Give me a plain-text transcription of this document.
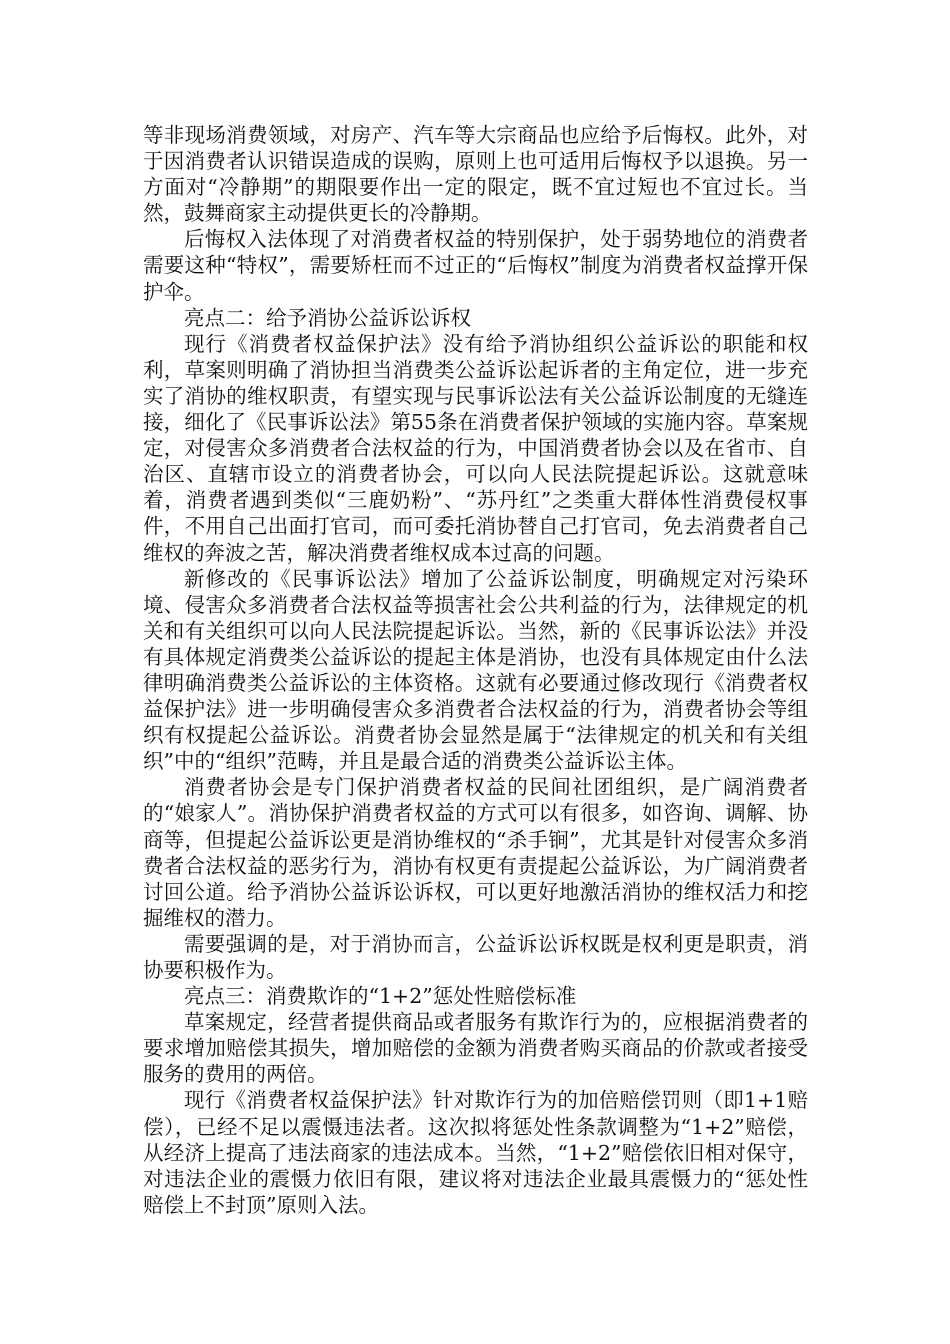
等非现场消费领域，对房产、汽车等大宗商品也应给予后悔权。此外，对于因消费者认识错误造成的误购，原则上也可适用后悔权予以退换。另一方面对“冷静期”的期限要作出一定的限定，既不宜过短也不宜过长。当然，鼓舞商家主动提供更长的冷静期。

后悔权入法体现了对消费者权益的特别保护，处于弱势地位的消费者需要这种“特权”，需要矫枉而不过正的“后悔权”制度为消费者权益撑开保护伞。

亮点二：给予消协公益诉讼诉权

现行《消费者权益保护法》没有给予消协组织公益诉讼的职能和权利，草案则明确了消协担当消费类公益诉讼起诉者的主角定位，进一步充实了消协的维权职责，有望实现与民事诉讼法有关公益诉讼制度的无缝连接，细化了《民事诉讼法》第55条在消费者保护领域的实施内容。草案规定，对侵害众多消费者合法权益的行为，中国消费者协会以及在省市、自治区、直辖市设立的消费者协会，可以向人民法院提起诉讼。这就意味着，消费者遇到类似“三鹿奶粉”、“苏丹红”之类重大群体性消费侵权事件，不用自己出面打官司，而可委托消协替自己打官司，免去消费者自己维权的奔波之苦，解决消费者维权成本过高的问题。

新修改的《民事诉讼法》增加了公益诉讼制度，明确规定对污染环境、侵害众多消费者合法权益等损害社会公共利益的行为，法律规定的机关和有关组织可以向人民法院提起诉讼。当然，新的《民事诉讼法》并没有具体规定消费类公益诉讼的提起主体是消协，也没有具体规定由什么法律明确消费类公益诉讼的主体资格。这就有必要通过修改现行《消费者权益保护法》进一步明确侵害众多消费者合法权益的行为，消费者协会等组织有权提起公益诉讼。消费者协会显然是属于“法律规定的机关和有关组织”中的“组织”范畴，并且是最合适的消费类公益诉讼主体。

消费者协会是专门保护消费者权益的民间社团组织，是广阔消费者的“娘家人”。消协保护消费者权益的方式可以有很多，如咨询、调解、协商等，但提起公益诉讼更是消协维权的“杀手锏”，尤其是针对侵害众多消费者合法权益的恶劣行为，消协有权更有责提起公益诉讼，为广阔消费者讨回公道。给予消协公益诉讼诉权，可以更好地激活消协的维权活力和挖掘维权的潜力。

需要强调的是，对于消协而言，公益诉讼诉权既是权利更是职责，消协要积极作为。

亮点三：消费欺诈的“1+2”惩处性赔偿标准

草案规定，经营者提供商品或者服务有欺诈行为的，应根据消费者的要求增加赔偿其损失，增加赔偿的金额为消费者购买商品的价款或者接受服务的费用的两倍。

现行《消费者权益保护法》针对欺诈行为的加倍赔偿罚则（即1+1赔偿），已经不足以震慑违法者。这次拟将惩处性条款调整为“1+2”赔偿，从经济上提高了违法商家的违法成本。当然，“1+2”赔偿依旧相对保守，对违法企业的震慑力依旧有限，建议将对违法企业最具震慑力的“惩处性赔偿上不封顶”原则入法。
